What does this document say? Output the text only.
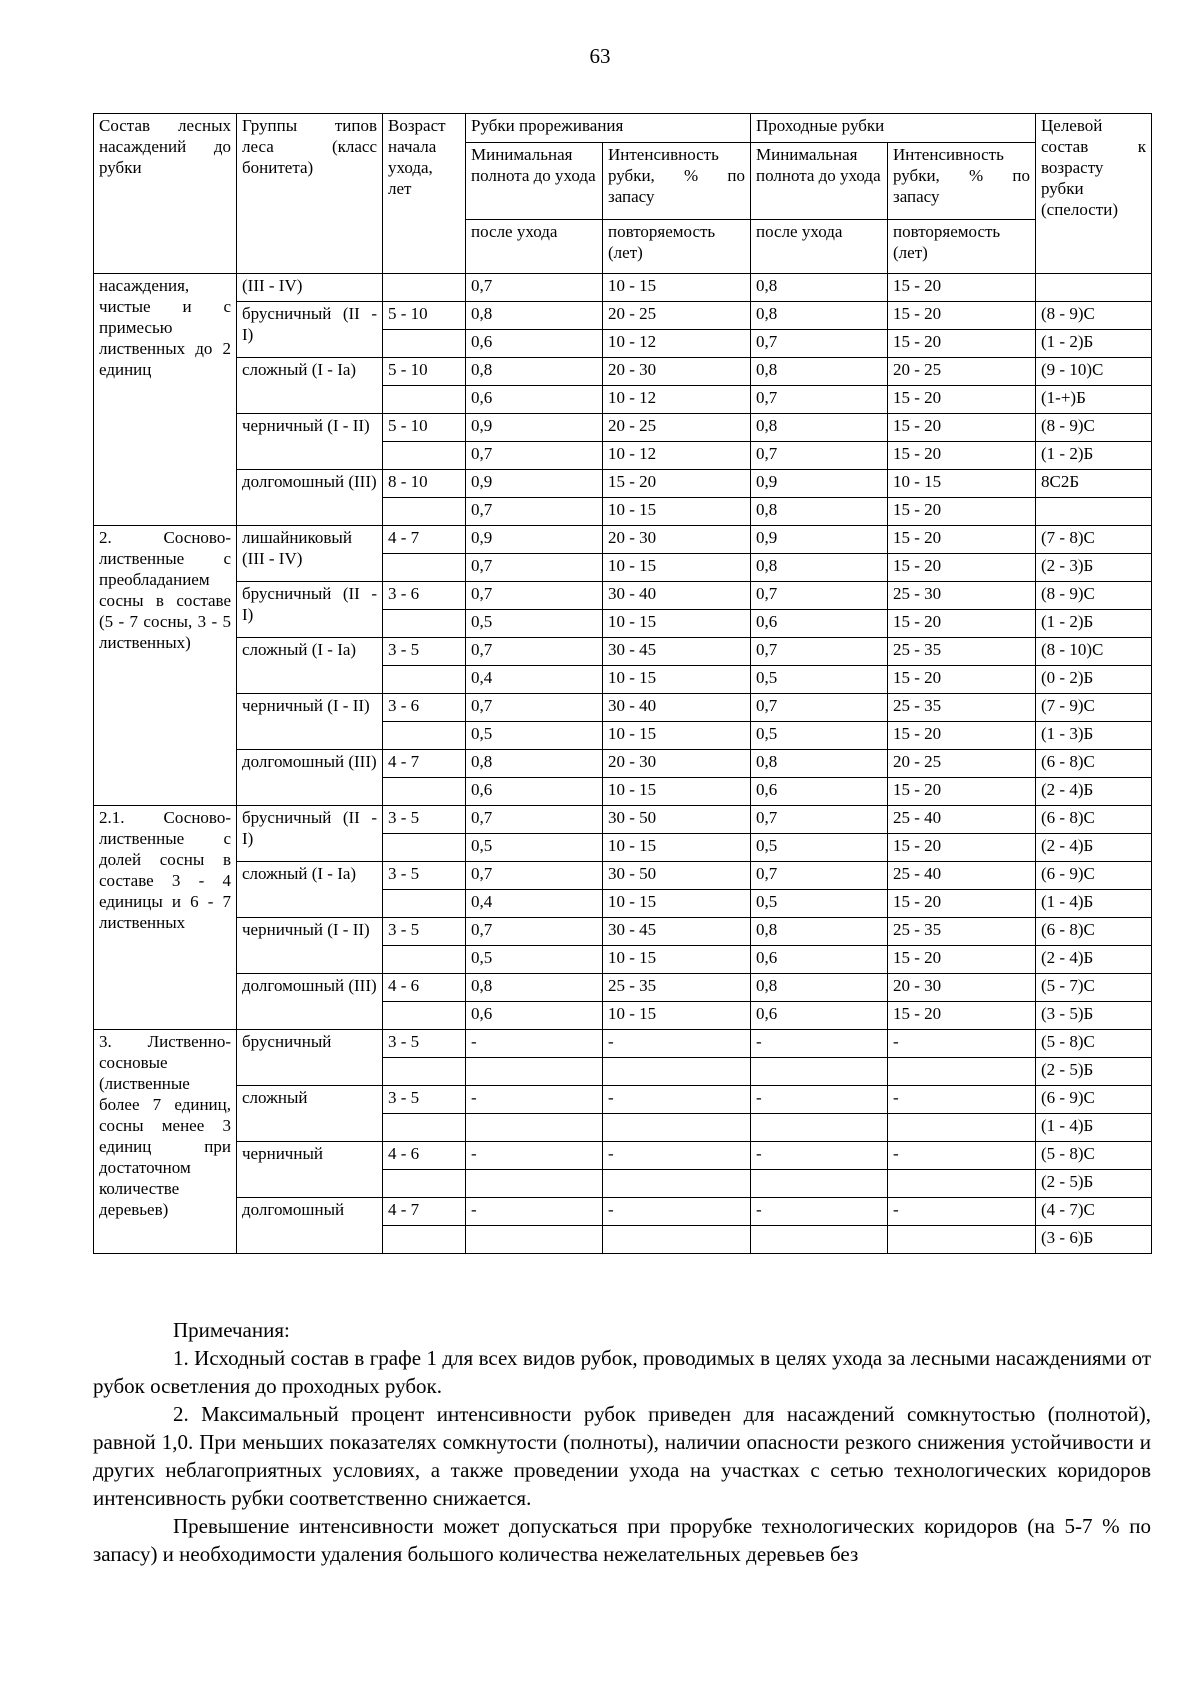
63
Состав лесных насаждений до рубки	Группы типов леса (класс бонитета)	Возраст начала ухода, лет	Рубки прореживания		Проходные рубки		Целевой состав к возрасту рубки (спелости)
			Минимальная полнота до ухода	Интенсивность рубки, % по запасу	Минимальная полнота до ухода	Интенсивность рубки, % по запасу	
			после ухода	повторяемость (лет)	после ухода	повторяемость (лет)	
насаждения, чистые и с примесью лиственных до 2 единиц	(III - IV)		0,7	10 - 15	0,8	15 - 20	
	брусничный (II - I)	5 - 10	0,8	20 - 25	0,8	15 - 20	(8 - 9)С
			0,6	10 - 12	0,7	15 - 20	(1 - 2)Б
	сложный (I - Ia)	5 - 10	0,8	20 - 30	0,8	20 - 25	(9 - 10)С
			0,6	10 - 12	0,7	15 - 20	(1-+)Б
	черничный (I - II)	5 - 10	0,9	20 - 25	0,8	15 - 20	(8 - 9)С
			0,7	10 - 12	0,7	15 - 20	(1 - 2)Б
	долгомошный (III)	8 - 10	0,9	15 - 20	0,9	10 - 15	8С2Б
			0,7	10 - 15	0,8	15 - 20	
2. Сосново-лиственные с преобладанием сосны в составе (5 - 7 сосны, 3 - 5 лиственных)	лишайниковый (III - IV)	4 - 7	0,9	20 - 30	0,9	15 - 20	(7 - 8)С
			0,7	10 - 15	0,8	15 - 20	(2 - 3)Б
	брусничный (II - I)	3 - 6	0,7	30 - 40	0,7	25 - 30	(8 - 9)С
			0,5	10 - 15	0,6	15 - 20	(1 - 2)Б
	сложный (I - Ia)	3 - 5	0,7	30 - 45	0,7	25 - 35	(8 - 10)С
			0,4	10 - 15	0,5	15 - 20	(0 - 2)Б
	черничный (I - II)	3 - 6	0,7	30 - 40	0,7	25 - 35	(7 - 9)С
			0,5	10 - 15	0,5	15 - 20	(1 - 3)Б
	долгомошный (III)	4 - 7	0,8	20 - 30	0,8	20 - 25	(6 - 8)С
			0,6	10 - 15	0,6	15 - 20	(2 - 4)Б
2.1. Сосново-лиственные с долей сосны в составе 3 - 4 единицы и 6 - 7 лиственных	брусничный (II - I)	3 - 5	0,7	30 - 50	0,7	25 - 40	(6 - 8)С
			0,5	10 - 15	0,5	15 - 20	(2 - 4)Б
	сложный (I - Ia)	3 - 5	0,7	30 - 50	0,7	25 - 40	(6 - 9)С
			0,4	10 - 15	0,5	15 - 20	(1 - 4)Б
	черничный (I - II)	3 - 5	0,7	30 - 45	0,8	25 - 35	(6 - 8)С
			0,5	10 - 15	0,6	15 - 20	(2 - 4)Б
	долгомошный (III)	4 - 6	0,8	25 - 35	0,8	20 - 30	(5 - 7)С
			0,6	10 - 15	0,6	15 - 20	(3 - 5)Б
3. Лиственно-сосновые (лиственные более 7 единиц, сосны менее 3 единиц при достаточном количестве деревьев)	брусничный	3 - 5	-	-	-	-	(5 - 8)С
							(2 - 5)Б
	сложный	3 - 5	-	-	-	-	(6 - 9)С
							(1 - 4)Б
	черничный	4 - 6	-	-	-	-	(5 - 8)С
							(2 - 5)Б
	долгомошный	4 - 7	-	-	-	-	(4 - 7)С
							(3 - 6)Б

Примечания:

1. Исходный состав в графе 1 для всех видов рубок, проводимых в целях ухода за лесными насаждениями от рубок осветления до проходных рубок.

2. Максимальный процент интенсивности рубок приведен для насаждений сомкнутостью (полнотой), равной 1,0. При меньших показателях сомкнутости (полноты), наличии опасности резкого снижения устойчивости и других неблагоприятных условиях, а также проведении ухода на участках с сетью технологических коридоров интенсивность рубки соответственно снижается.

Превышение интенсивности может допускаться при прорубке технологических коридоров (на 5-7 % по запасу) и необходимости удаления большого количества нежелательных деревьев без
